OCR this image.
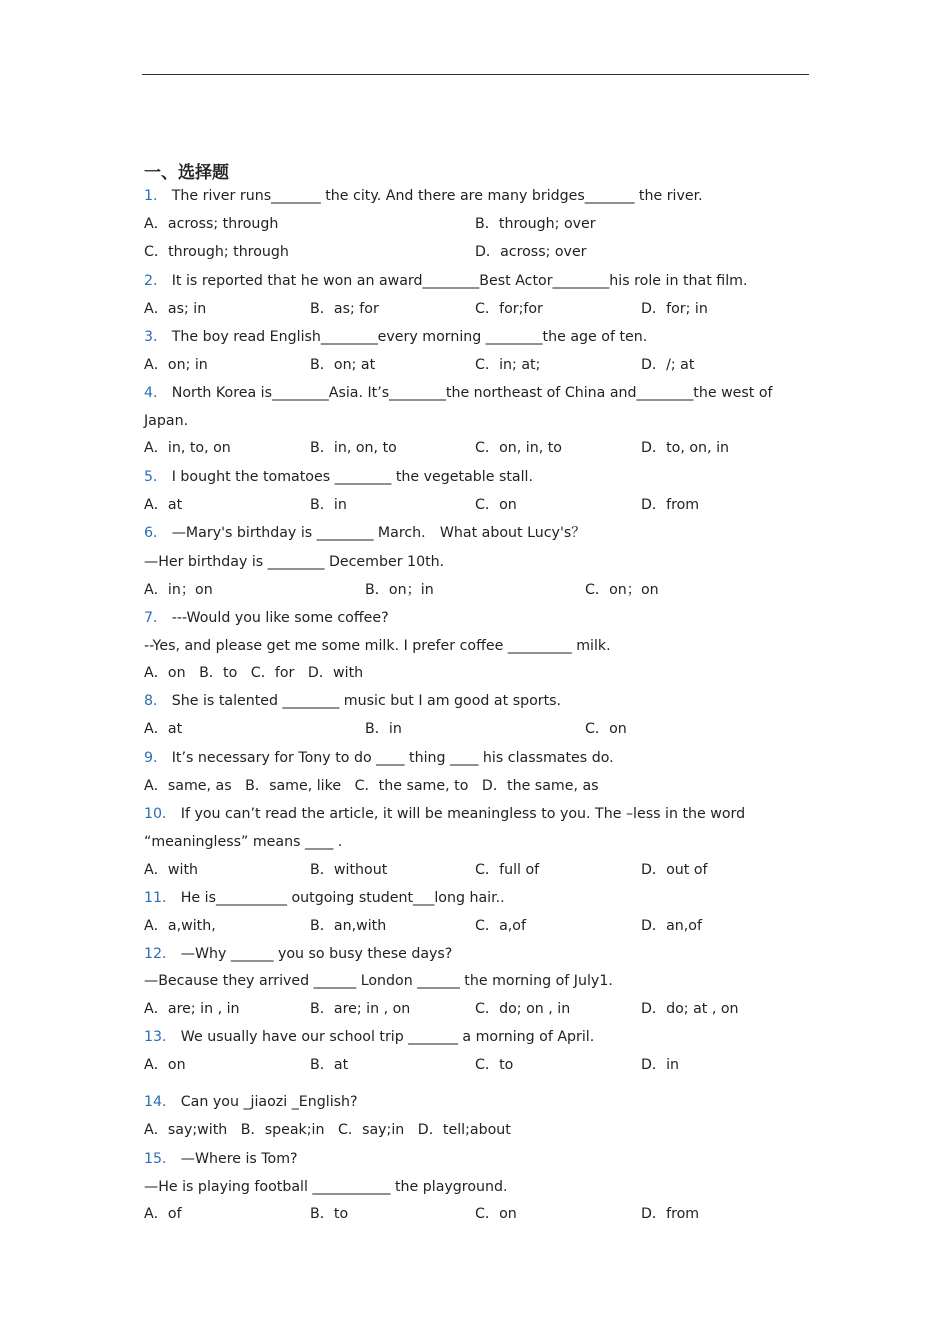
一、选择题
1． The river runs_______ the city. And there are many bridges_______ the river.
A．across; through	B．through; over
C．through; through	D．across; over
2． It is reported that he won an award________Best Actor________his role in that film.
A．as; in	B．as; for	C．for;for	D．for; in
3． The boy read English________every morning ________the age of ten.
A．on; in	B．on; at	C．in; at;	D．/; at
4． North Korea is________Asia. It’s________the northeast of China and________the west of
Japan.
A．in, to, on	B．in, on, to	C．on, in, to	D．to, on, in
5． I bought the tomatoes ________ the vegetable stall.
A．at	B．in	C．on	D．from
6． —Mary's birthday is ________ March． What about Lucy's？
—Her birthday is ________ December 10th．
A．in；on	B．on；in	C．on；on
7． ---Would you like some coffee?
--Yes, and please get me some milk. I prefer coffee _________ milk.
A．on   B．to   C．for   D．with
8． She is talented ________ music but I am good at sports.
A．at	B．in	C．on
9． It’s necessary for Tony to do ____ thing ____ his classmates do.
A．same, as   B．same, like   C．the same, to   D．the same, as
10． If you can’t read the article, it will be meaningless to you. The –less in the word
“meaningless” means ____ .
A．with	B．without	C．full of	D．out of
11． He is__________ outgoing student___long hair..
A．a,with,	B．an,with	C．a,of	D．an,of
12． —Why ______ you so busy these days?
—Because they arrived ______ London ______ the morning of July1.
A．are; in , in	B．are; in , on	C．do; on , in	D．do; at , on
13． We usually have our school trip _______ a morning of April.
A．on	B．at	C．to	D．in
14． Can you _jiaozi _English?
A．say;with   B．speak;in   C．say;in   D．tell;about
15． —Where is Tom?
—He is playing football ___________ the playground.
A．of	B．to	C．on	D．from
